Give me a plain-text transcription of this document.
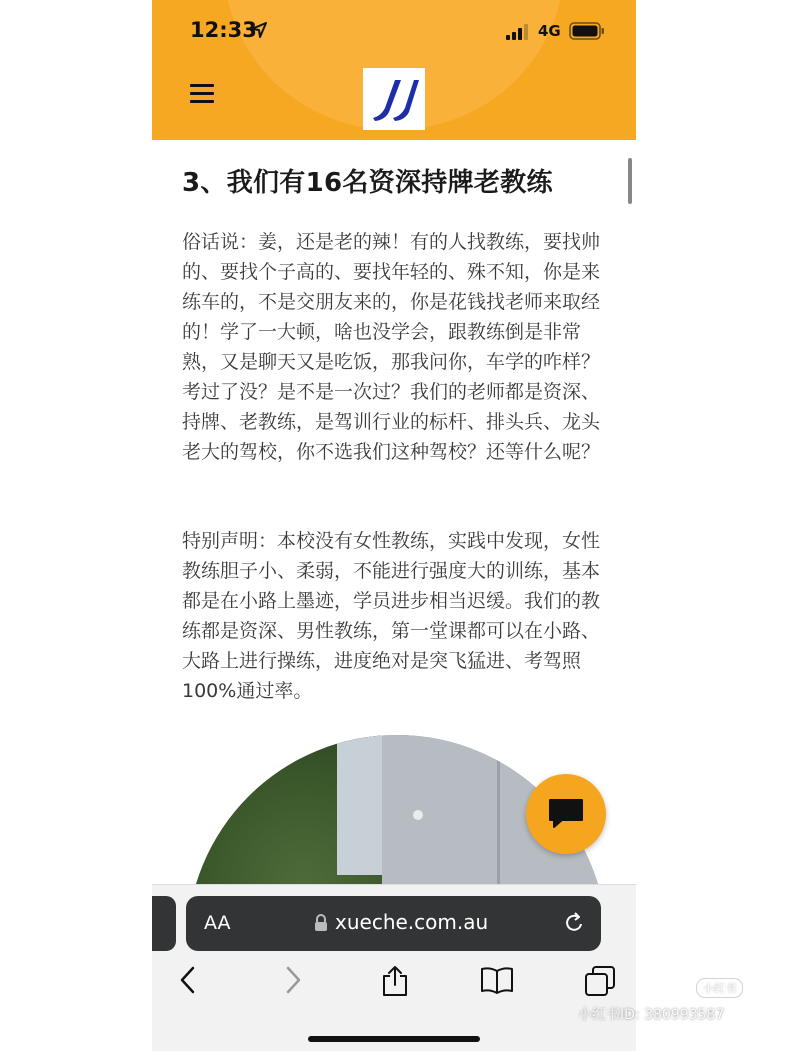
12:33	4G
3、我们有16名资深持牌老教练

俗话说：姜，还是老的辣！有的人找教练，要找帅的、要找个子高的、要找年轻的、殊不知，你是来练车的，不是交朋友来的，你是花钱找老师来取经的！学了一大顿，啥也没学会，跟教练倒是非常熟，又是聊天又是吃饭，那我问你，车学的咋样？考过了没？是不是一次过？我们的老师都是资深、持牌、老教练，是驾训行业的标杆、排头兵、龙头老大的驾校，你不选我们这种驾校？还等什么呢？

特别声明：本校没有女性教练，实践中发现，女性教练胆子小、柔弱，不能进行强度大的训练，基本都是在小路上墨迹，学员进步相当迟缓。我们的教练都是资深、男性教练，第一堂课都可以在小路、大路上进行操练，进度绝对是突飞猛进、考驾照100%通过率。

AA	xueche.com.au
小红书
小红书ID: 380993587
